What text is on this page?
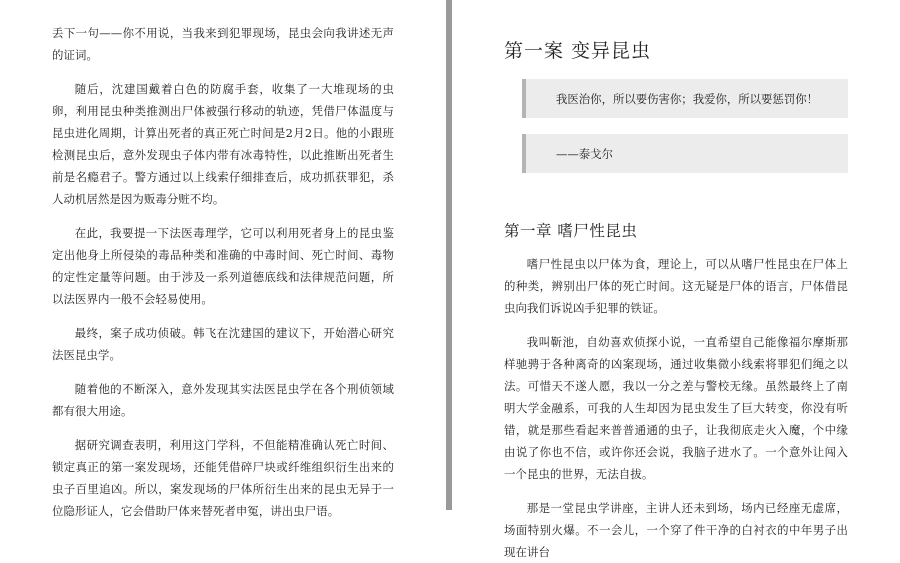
丢下一句——你不用说，当我来到犯罪现场，昆虫会向我讲述无声的证词。

随后，沈建国戴着白色的防腐手套，收集了一大堆现场的虫卵，利用昆虫种类推测出尸体被强行移动的轨迹，凭借尸体温度与昆虫进化周期，计算出死者的真正死亡时间是2月2日。他的小跟班检测昆虫后，意外发现虫子体内带有冰毒特性，以此推断出死者生前是名瘾君子。警方通过以上线索仔细排查后，成功抓获罪犯，杀人动机居然是因为贩毒分赃不均。

在此，我要提一下法医毒理学，它可以利用死者身上的昆虫鉴定出他身上所侵染的毒品种类和准确的中毒时间、死亡时间、毒物的定性定量等问题。由于涉及一系列道德底线和法律规范问题，所以法医界内一般不会轻易使用。

最终，案子成功侦破。韩飞在沈建国的建议下，开始潜心研究法医昆虫学。

随着他的不断深入，意外发现其实法医昆虫学在各个刑侦领域都有很大用途。

据研究调查表明，利用这门学科，不但能精准确认死亡时间、锁定真正的第一案发现场，还能凭借碎尸块或纤维组织衍生出来的虫子百里追凶。所以，案发现场的尸体所衍生出来的昆虫无异于一位隐形证人，它会借助尸体来替死者申冤，讲出虫尸语。

第一案 变异昆虫
我医治你，所以要伤害你；我爱你，所以要惩罚你！
——泰戈尔
第一章 嗜尸性昆虫

嗜尸性昆虫以尸体为食，理论上，可以从嗜尸性昆虫在尸体上的种类，辨别出尸体的死亡时间。这无疑是尸体的语言，尸体借昆虫向我们诉说凶手犯罪的铁证。

我叫靳池，自幼喜欢侦探小说，一直希望自己能像福尔摩斯那样驰骋于各种离奇的凶案现场，通过收集微小线索将罪犯们绳之以法。可惜天不遂人愿，我以一分之差与警校无缘。虽然最终上了南明大学金融系，可我的人生却因为昆虫发生了巨大转变，你没有听错，就是那些看起来普普通通的虫子，让我彻底走火入魔，个中缘由说了你也不信，或许你还会说，我脑子进水了。一个意外让闯入一个昆虫的世界，无法自拔。

那是一堂昆虫学讲座，主讲人还未到场，场内已经座无虚席，场面特别火爆。不一会儿，一个穿了件干净的白衬衣的中年男子出现在讲台
